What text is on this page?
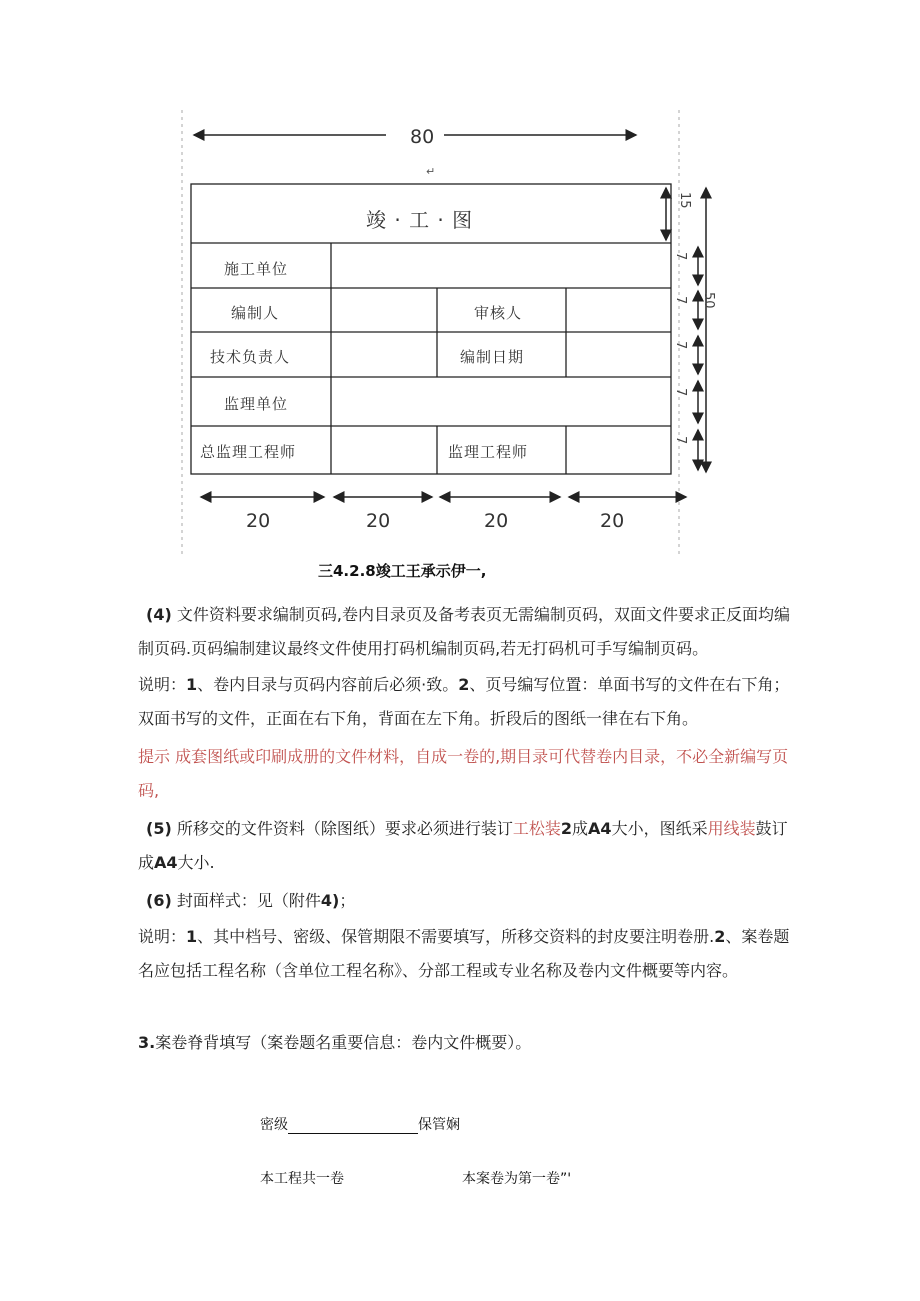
80
↵
竣 · 工 · 图
施工单位
编制人	审核人
技术负责人	编制日期
监理单位
总监理工程师	监理工程师
15
50
7
7
7
7
7
20	20	20	20
三4.2.8竣工王承示伊一,
(4) 文件资料要求编制页码,卷内目录页及备考表页无需编制页码，双面文件要求正反面均编制页码.页码编制建议最终文件使用打码机编制页码,若无打码机可手写编制页码。
说明：1、卷内目录与页码内容前后必须·致。2、页号编写位置：单面书写的文件在右下角；双面书写的文件，正面在右下角，背面在左下角。折段后的图纸一律在右下角。
提示 成套图纸或印刷成册的文件材料，自成一卷的,期目录可代替卷内目录，不必全新编写页码,
(5) 所移交的文件资料（除图纸）要求必须进行装订工松装2成A4大小，图纸采用线装鼓订成A4大小.
(6) 封面样式：见（附件4)；
说明：1、其中档号、密级、保管期限不需要填写，所移交资料的封皮要注明卷册.2、案卷题名应包括工程名称（含单位工程名称》、分部工程或专业名称及卷内文件概要等内容。
3.案卷脊背填写（案卷题名重要信息：卷内文件概要）。
密级	保管娴
本工程共一卷	本案卷为第一卷”'
